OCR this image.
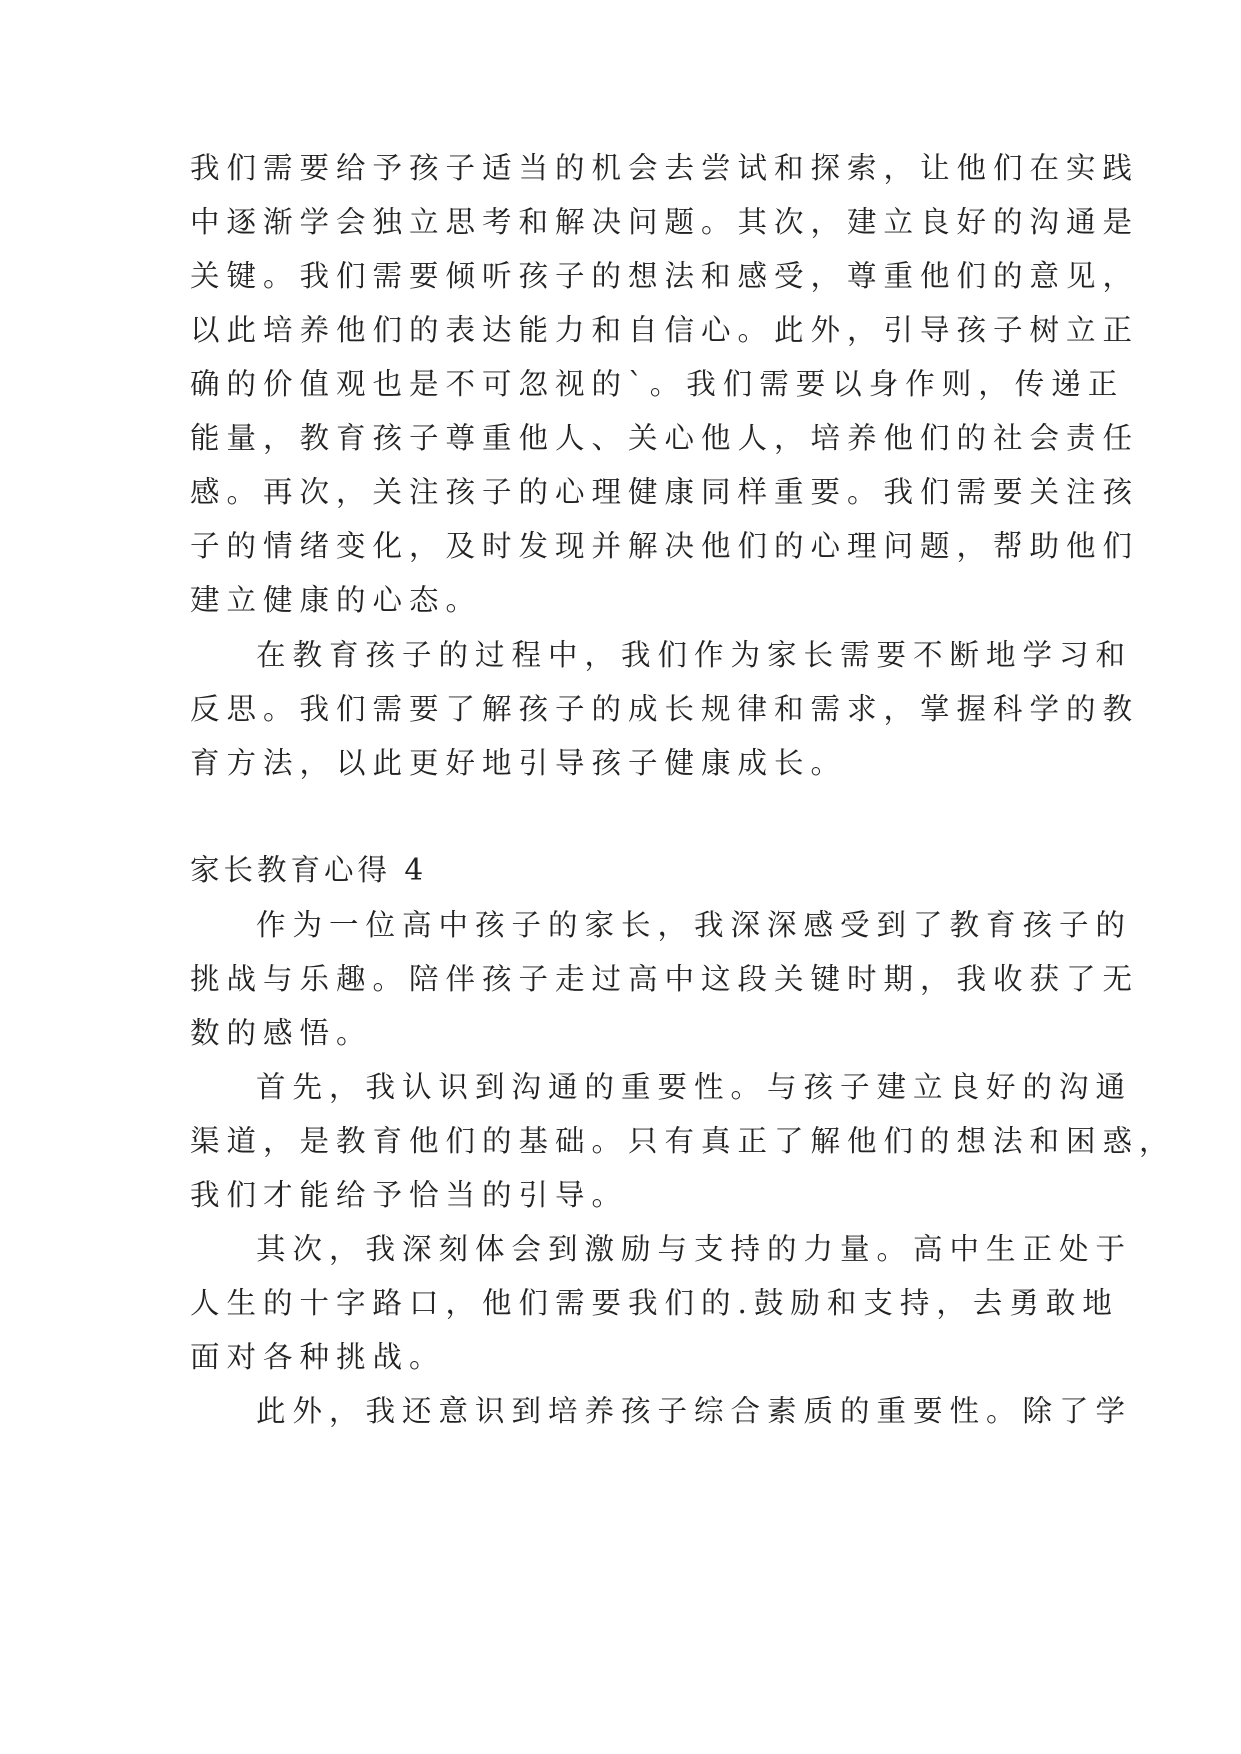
我们需要给予孩子适当的机会去尝试和探索，让他们在实践
中逐渐学会独立思考和解决问题。其次，建立良好的沟通是
关键。我们需要倾听孩子的想法和感受，尊重他们的意见，
以此培养他们的表达能力和自信心。此外，引导孩子树立正
确的价值观也是不可忽视的`。我们需要以身作则，传递正
能量，教育孩子尊重他人、关心他人，培养他们的社会责任
感。再次，关注孩子的心理健康同样重要。我们需要关注孩
子的情绪变化，及时发现并解决他们的心理问题，帮助他们
建立健康的心态。
在教育孩子的过程中，我们作为家长需要不断地学习和
反思。我们需要了解孩子的成长规律和需求，掌握科学的教
育方法，以此更好地引导孩子健康成长。
家长教育心得 4
作为一位高中孩子的家长，我深深感受到了教育孩子的
挑战与乐趣。陪伴孩子走过高中这段关键时期，我收获了无
数的感悟。
首先，我认识到沟通的重要性。与孩子建立良好的沟通
渠道，是教育他们的基础。只有真正了解他们的想法和困惑，
我们才能给予恰当的引导。
其次，我深刻体会到激励与支持的力量。高中生正处于
人生的十字路口，他们需要我们的.鼓励和支持，去勇敢地
面对各种挑战。
此外，我还意识到培养孩子综合素质的重要性。除了学
